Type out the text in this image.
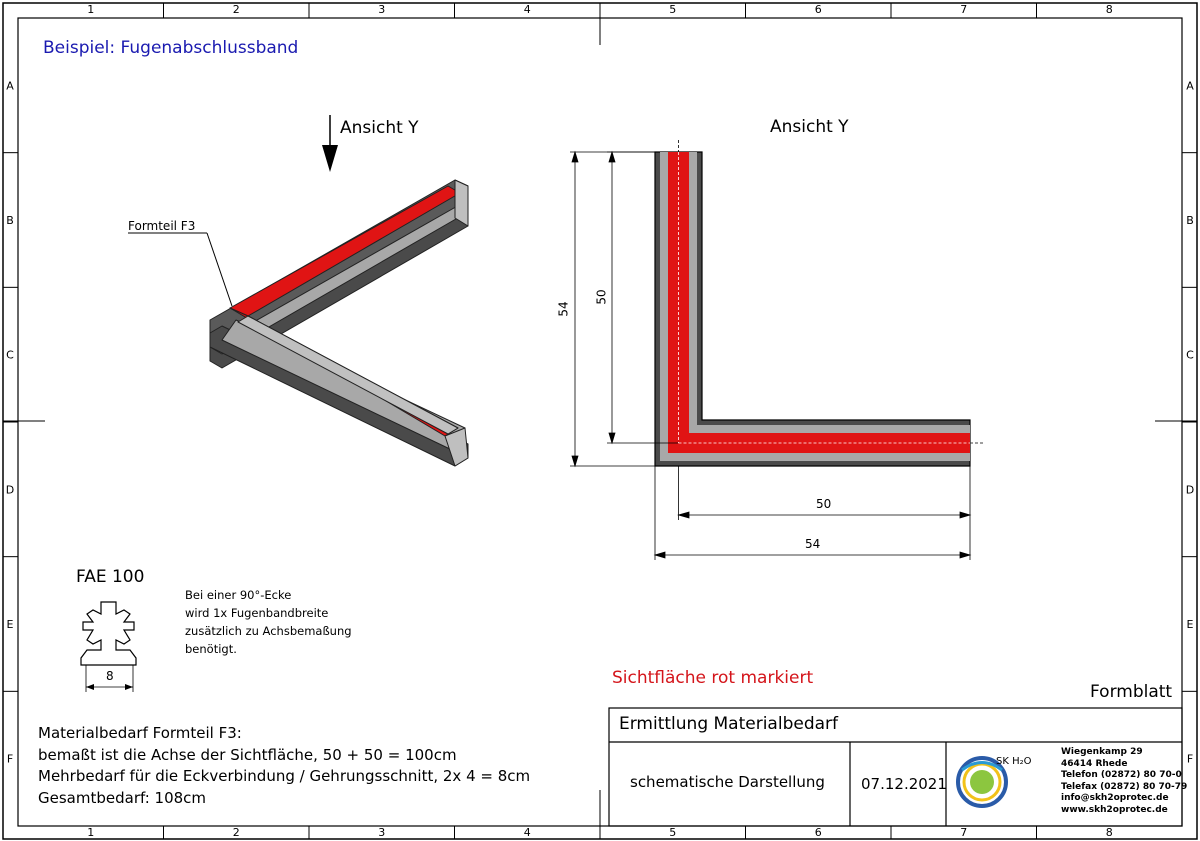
1
1
2
2
3
3
4
4
5
5
6
6
7
7
8
8
A	A
B	B
C	C
D	D
E	E
F	F
Beispiel: Fugenabschlussband
Ansicht Y
Formteil F3
Ansicht Y
54
50
50
54
FAE 100
8
Bei einer 90°-Ecke
wird 1x Fugenbandbreite
zusätzlich zu Achsbemaßung
benötigt.
Sichtfläche rot markiert
Materialbedarf Formteil F3:
bemaßt ist die Achse der Sichtfläche, 50 + 50 = 100cm
Mehrbedarf für die Eckverbindung / Gehrungsschnitt, 2x 4 = 8cm
Gesamtbedarf: 108cm
Formblatt
Ermittlung Materialbedarf
schematische Darstellung 07.12.2021
SK H₂O
Wiegenkamp 29
46414 Rhede
Telefon (02872) 80 70-0
Telefax (02872) 80 70-79
info@skh2oprotec.de
www.skh2oprotec.de
